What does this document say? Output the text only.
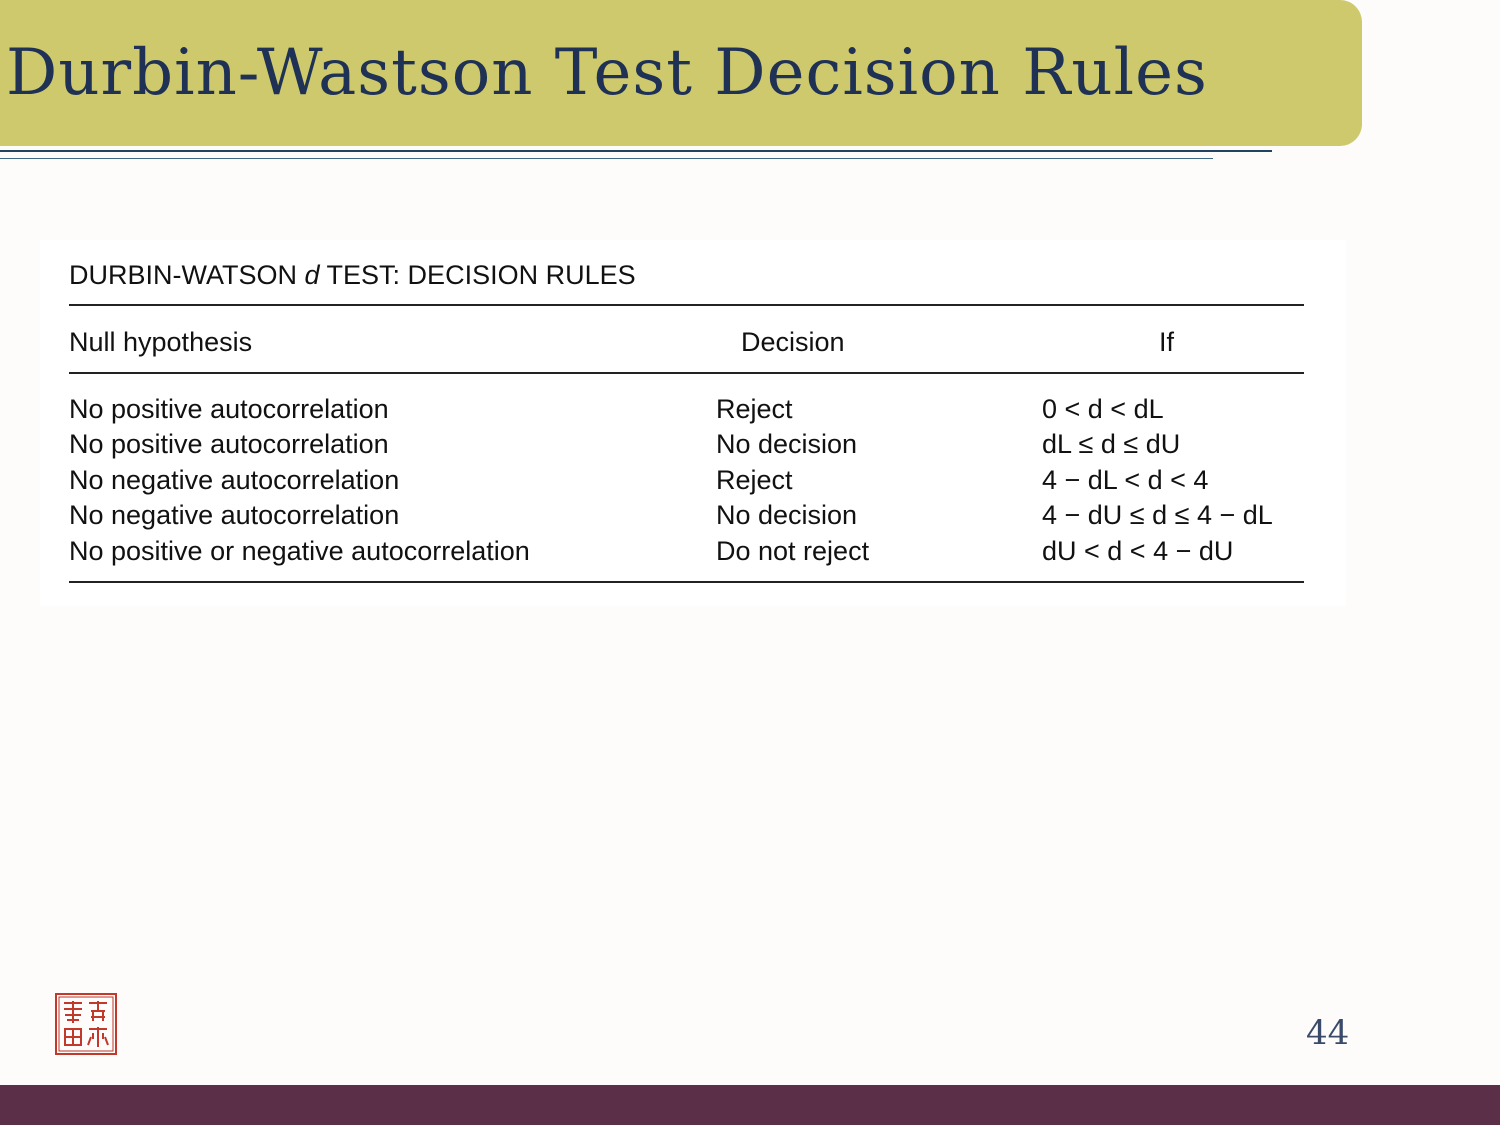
Durbin-Wastson Test Decision Rules

DURBIN-WATSON d TEST: DECISION RULES

Null hypothesis	Decision	If

No positive autocorrelation	Reject	0 < d < dL

No positive autocorrelation	No decision	dL ≤ d ≤ dU

No negative autocorrelation	Reject	4 − dL < d < 4

No negative autocorrelation	No decision	4 − dU ≤ d ≤ 4 − dL

No positive or negative autocorrelation	Do not reject	dU < d < 4 − dU

44
